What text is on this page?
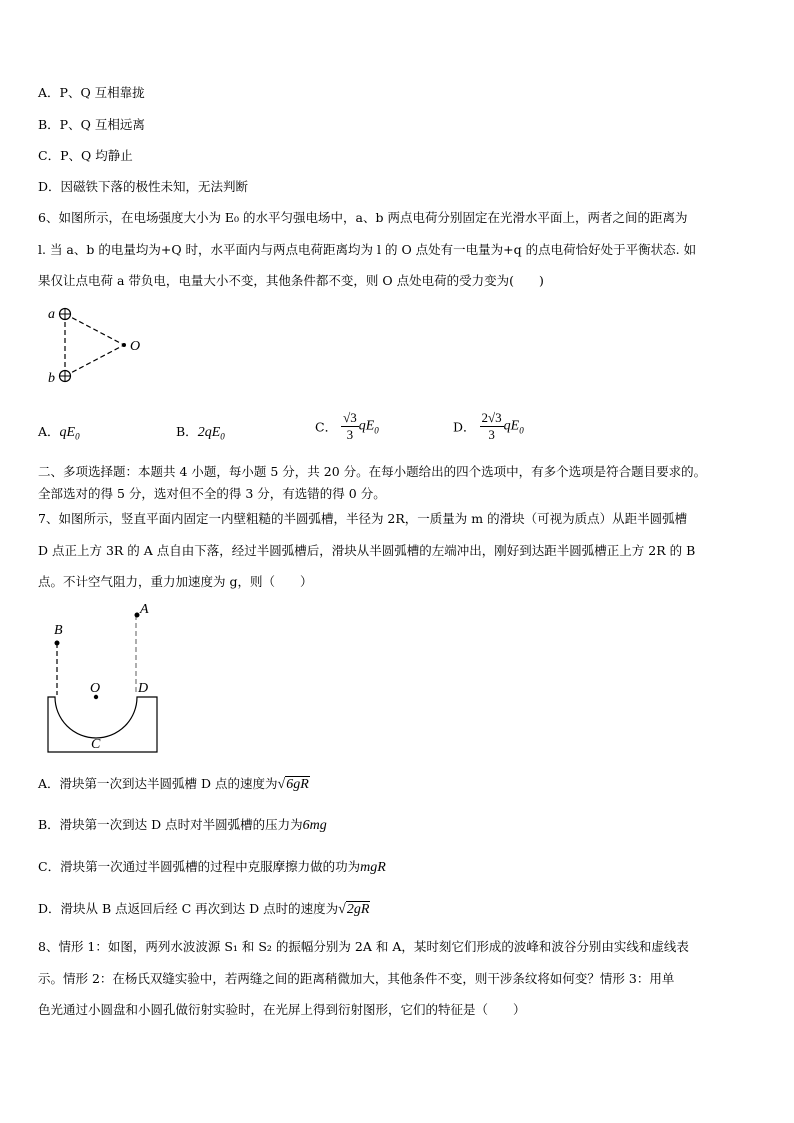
A．P、Q 互相靠拢
B．P、Q 互相远离
C．P、Q 均静止
D．因磁铁下落的极性未知，无法判断
6、如图所示，在电场强度大小为 E₀ 的水平匀强电场中，a、b 两点电荷分别固定在光滑水平面上，两者之间的距离为
l. 当 a、b 的电量均为+Q 时，水平面内与两点电荷距离均为 l 的 O 点处有一电量为+q 的点电荷恰好处于平衡状态. 如
果仅让点电荷 a 带负电，电量大小不变，其他条件都不变，则 O 点处电荷的受力变为(　　)
a
b
O
A．$qE_0$	B．$2qE_0$
C． $\frac{√3}{3} qE_0$	D． $\frac{2√3}{3} qE_0$
二、多项选择题：本题共 4 小题，每小题 5 分，共 20 分。在每小题给出的四个选项中，有多个选项是符合题目要求的。
全部选对的得 5 分，选对但不全的得 3 分，有选错的得 0 分。
7、如图所示，竖直平面内固定一内壁粗糙的半圆弧槽，半径为 2R，一质量为 m 的滑块（可视为质点）从距半圆弧槽
D 点正上方 3R 的 A 点自由下落，经过半圆弧槽后，滑块从半圆弧槽的左端冲出，刚好到达距半圆弧槽正上方 2R 的 B
点。不计空气阻力，重力加速度为 g，则（　　）
A
B
O	D
C
A．滑块第一次到达半圆弧槽 D 点的速度为√6gR
B．滑块第一次到达 D 点时对半圆弧槽的压力为6mg
C．滑块第一次通过半圆弧槽的过程中克服摩擦力做的功为mgR
D．滑块从 B 点返回后经 C 再次到达 D 点时的速度为√2gR
8、情形 1：如图，两列水波波源 S₁ 和 S₂ 的振幅分别为 2A 和 A，某时刻它们形成的波峰和波谷分别由实线和虚线表
示。情形 2：在杨氏双缝实验中，若两缝之间的距离稍微加大，其他条件不变，则干涉条纹将如何变？情形 3：用单
色光通过小圆盘和小圆孔做衍射实验时，在光屏上得到衍射图形，它们的特征是（　　）
